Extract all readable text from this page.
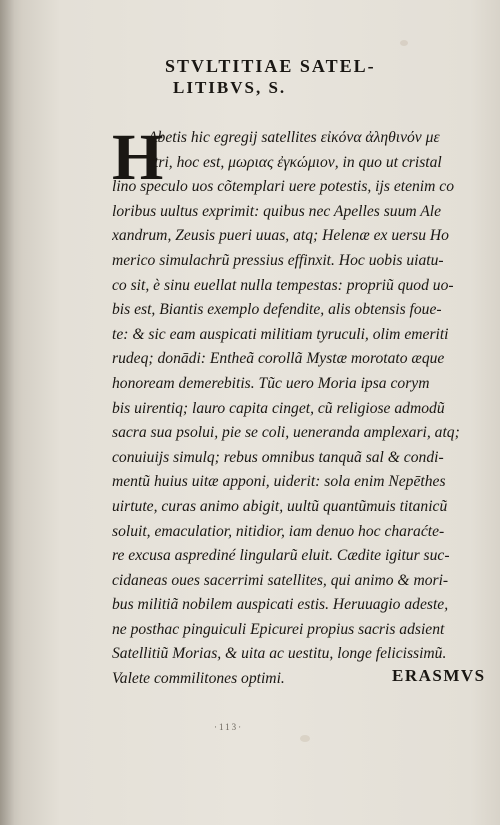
STVLTITIAE SATEL-
LITIBVS, S.
H
Abetis hic egregij satellites εἰκόνα ἀληθινόν με
stri, hoc est, μωριας ἐγκώμιον, in quo ut cristal
lino speculo uos cõtemplari uere potestis, ijs etenim co
loribus uultus exprimit: quibus nec Apelles suum Ale
xandrum, Zeusis pueri uuas, atq; Helenæ ex uersu Ho
merico simulachrũ pressius effinxit. Hoc uobis uiatu-
co sit, è sinu euellat nulla tempestas: propriũ quod uo-
bis est, Biantis exemplo defendite, alis obtensis foue-
te: & sic eam auspicati militiam tyruculi, olim emeriti
rudeq; donādi: Entheã corollã Mystæ morotato æque
honoream demerebitis. Tũc uero Moria ipsa corym
bis uirentiq; lauro capita cinget, cũ religiose admodũ
sacra sua psolui, pie se coli, ueneranda amplexari, atq;
conuiuijs simulq; rebus omnibus tanquã sal & condi-
mentũ huius uitæ apponi, uiderit: sola enim Nepēthes
uirtute, curas animo abigit, uultũ quantũmuis titanicũ
soluit, emaculatior, nitidior, iam denuo hoc charaćte-
re excusa asprediné lingularũ eluit. Cædite igitur suc-
cidaneas oues sacerrimi satellites, qui animo & mori-
bus militiã nobilem auspicati estis. Heruuagio adeste,
ne posthac pinguiculi Epicurei propius sacris adsient
Satellitiũ Morias, & uita ac uestitu, longe felicissimũ.
Valete commilitones optimi.	ERASMVS
·113·
